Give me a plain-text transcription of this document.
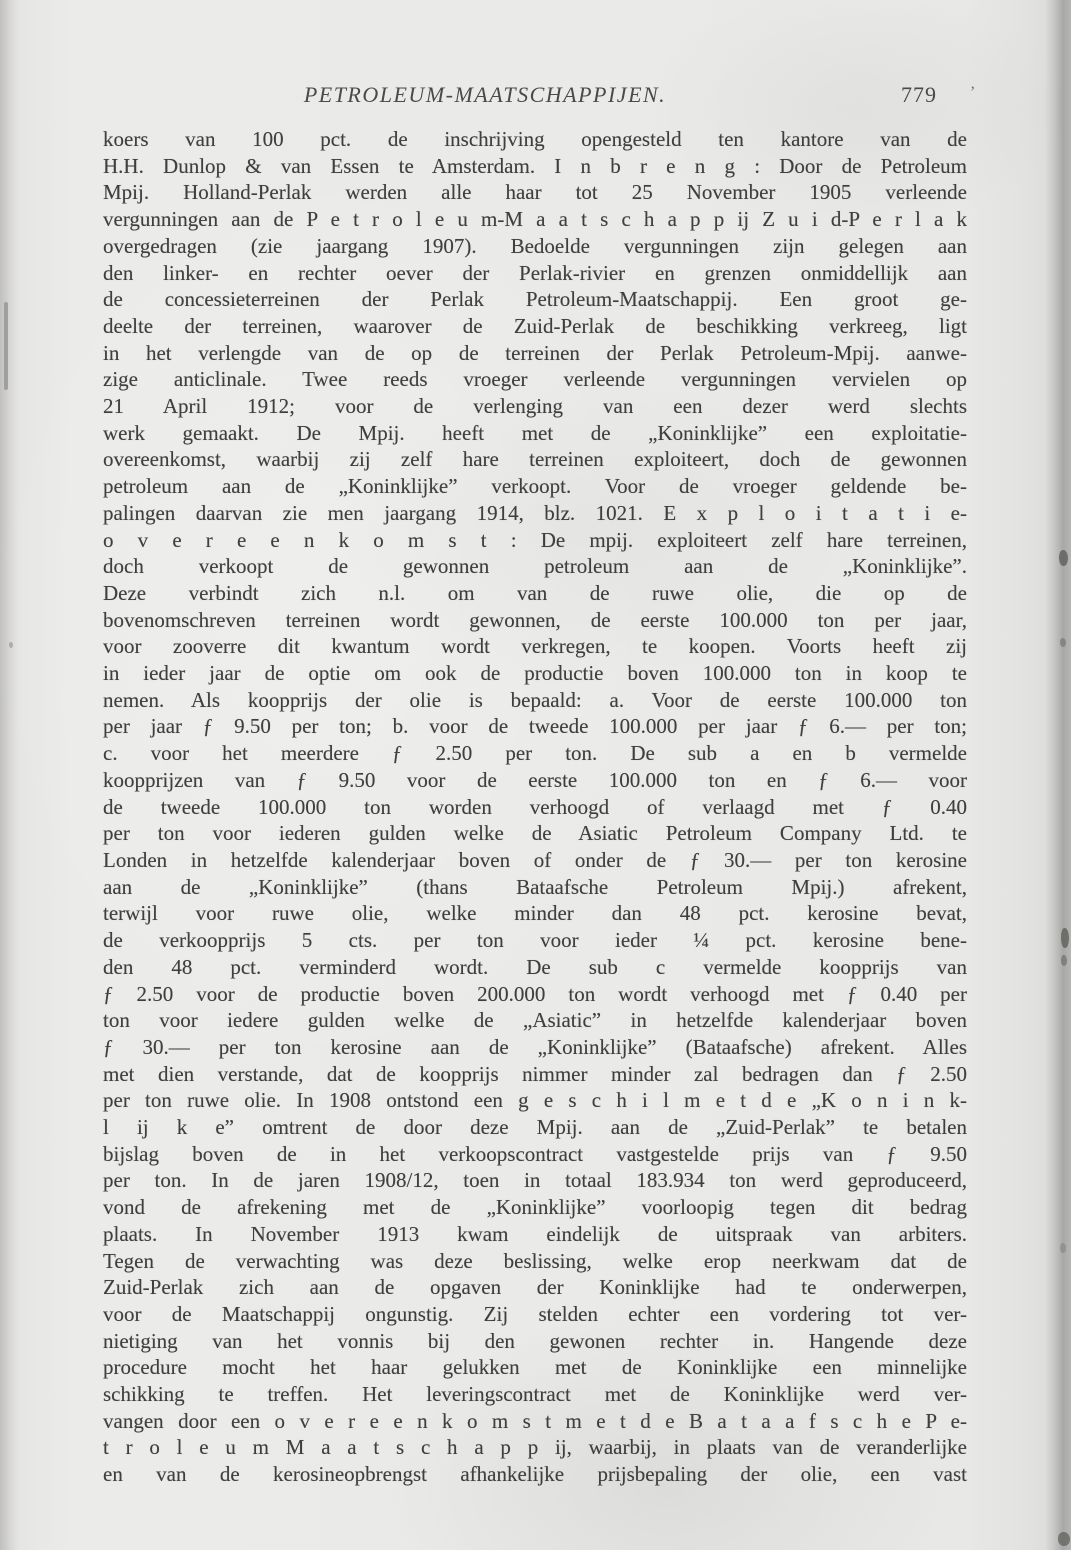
PETROLEUM-MAATSCHAPPIJEN.	779 ’
koers van 100 pct. de inschrijving opengesteld ten kantore van de
H.H. Dunlop & van Essen te Amsterdam. I n b r e n g : Door de Petroleum
Mpij. Holland-Perlak werden alle haar tot 25 November 1905 verleende
vergunningen aan de P e t r o l e u m-M a a t s c h a p p ij Z u i d-P e r l a k
overgedragen (zie jaargang 1907). Bedoelde vergunningen zijn gelegen aan
den linker- en rechter oever der Perlak-rivier en grenzen onmiddellijk aan
de concessieterreinen der Perlak Petroleum-Maatschappij. Een groot ge-
deelte der terreinen, waarover de Zuid-Perlak de beschikking verkreeg, ligt
in het verlengde van de op de terreinen der Perlak Petroleum-Mpij. aanwe-
zige anticlinale. Twee reeds vroeger verleende vergunningen vervielen op
21 April 1912; voor de verlenging van een dezer werd slechts
werk gemaakt. De Mpij. heeft met de „Koninklijke” een exploitatie-
overeenkomst, waarbij zij zelf hare terreinen exploiteert, doch de gewonnen
petroleum aan de „Koninklijke” verkoopt. Voor de vroeger geldende be-
palingen daarvan zie men jaargang 1914, blz. 1021. E x p l o i t a t i e-
o v e r e e n k o m s t : De mpij. exploiteert zelf hare terreinen,
doch verkoopt de gewonnen petroleum aan de „Koninklijke”.
Deze verbindt zich n.l. om van de ruwe olie, die op de
bovenomschreven terreinen wordt gewonnen, de eerste 100.000 ton per jaar,
voor zooverre dit kwantum wordt verkregen, te koopen. Voorts heeft zij
in ieder jaar de optie om ook de productie boven 100.000 ton in koop te
nemen. Als koopprijs der olie is bepaald: a. Voor de eerste 100.000 ton
per jaar ƒ 9.50 per ton; b. voor de tweede 100.000 per jaar ƒ 6.— per ton;
c. voor het meerdere ƒ 2.50 per ton. De sub a en b vermelde
koopprijzen van ƒ 9.50 voor de eerste 100.000 ton en ƒ 6.— voor
de tweede 100.000 ton worden verhoogd of verlaagd met ƒ 0.40
per ton voor iederen gulden welke de Asiatic Petroleum Company Ltd. te
Londen in hetzelfde kalenderjaar boven of onder de ƒ 30.— per ton kerosine
aan de „Koninklijke” (thans Bataafsche Petroleum Mpij.) afrekent,
terwijl voor ruwe olie, welke minder dan 48 pct. kerosine bevat,
de verkoopprijs 5 cts. per ton voor ieder ¼ pct. kerosine bene-
den 48 pct. verminderd wordt. De sub c vermelde koopprijs van
ƒ 2.50 voor de productie boven 200.000 ton wordt verhoogd met ƒ 0.40 per
ton voor iedere gulden welke de „Asiatic” in hetzelfde kalenderjaar boven
ƒ 30.— per ton kerosine aan de „Koninklijke” (Bataafsche) afrekent. Alles
met dien verstande, dat de koopprijs nimmer minder zal bedragen dan ƒ 2.50
per ton ruwe olie. In 1908 ontstond een g e s c h i l m e t d e „K o n i n k-
l ij k e” omtrent de door deze Mpij. aan de „Zuid-Perlak” te betalen
bijslag boven de in het verkoopscontract vastgestelde prijs van ƒ 9.50
per ton. In de jaren 1908/12, toen in totaal 183.934 ton werd geproduceerd,
vond de afrekening met de „Koninklijke” voorloopig tegen dit bedrag
plaats. In November 1913 kwam eindelijk de uitspraak van arbiters.
Tegen de verwachting was deze beslissing, welke erop neerkwam dat de
Zuid-Perlak zich aan de opgaven der Koninklijke had te onderwerpen,
voor de Maatschappij ongunstig. Zij stelden echter een vordering tot ver-
nietiging van het vonnis bij den gewonen rechter in. Hangende deze
procedure mocht het haar gelukken met de Koninklijke een minnelijke
schikking te treffen. Het leveringscontract met de Koninklijke werd ver-
vangen door een o v e r e e n k o m s t m e t d e B a t a a f s c h e P e-
t r o l e u m M a a t s c h a p p ij, waarbij, in plaats van de veranderlijke
en van de kerosineopbrengst afhankelijke prijsbepaling der olie, een vast
